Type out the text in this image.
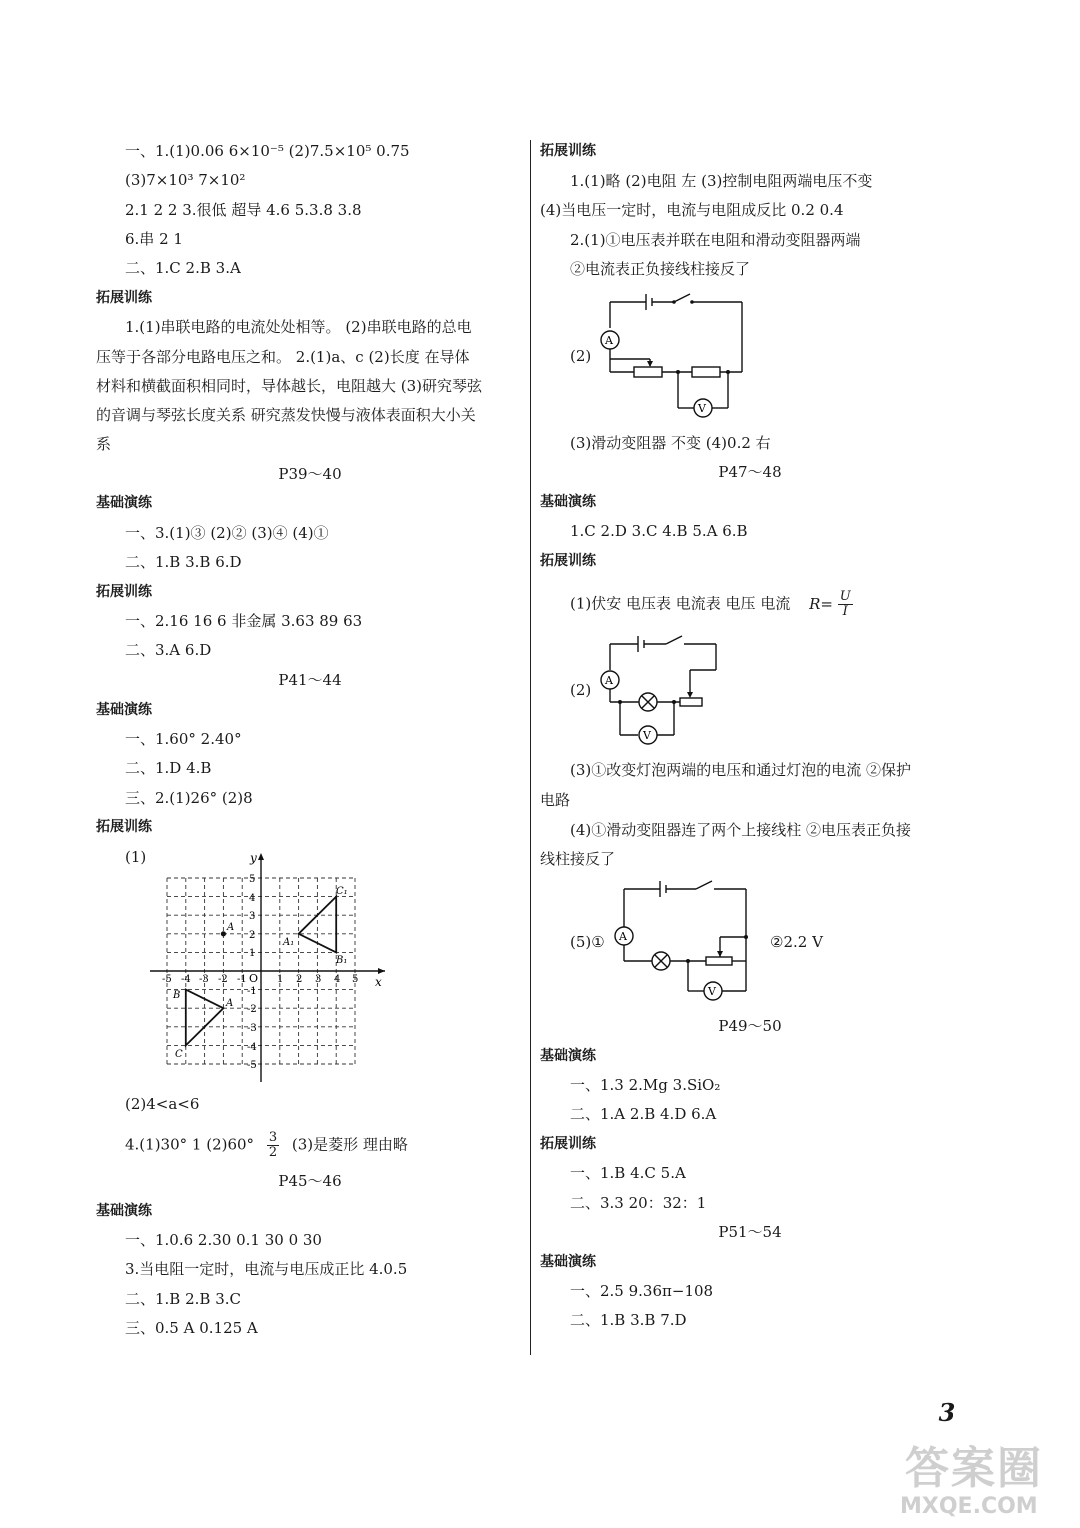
一、1.(1)0.06 6×10⁻⁵ (2)7.5×10⁵ 0.75
(3)7×10³ 7×10²
2.1 2 2 3.很低 超导 4.6 5.3.8 3.8
6.串 2 1
二、1.C 2.B 3.A
拓展训练
1.(1)串联电路的电流处处相等。 (2)串联电路的总电
压等于各部分电路电压之和。 2.(1)a、c (2)长度 在导体
材料和横截面积相同时，导体越长，电阻越大 (3)研究琴弦
的音调与琴弦长度关系 研究蒸发快慢与液体表面积大小关
系
P39～40
基础演练
一、3.(1)③ (2)② (3)④ (4)①
二、1.B 3.B 6.D
拓展训练
一、2.16 16 6 非金属 3.63 89 63
二、3.A 6.D
P41～44
基础演练
一、1.60° 2.40°
二、1.D 4.B
三、2.(1)26° (2)8
拓展训练
(1)	y
x
O
-5 -4 -3 -2 -1	1 2 3 4 5
5
4
3
2
1
-1
-2
-3
-4
-5
A
A₁
B₁
C₁
A
B
C
(2)4<a<6
4.(1)30° 1 $(2)60^\circ \frac{3}{2} (3)$是菱形 理由略
P45～46
基础演练
一、1.0.6 2.30 0.1 30 0 30
3.当电阻一定时，电流与电压成正比 4.0.5
二、1.B 2.B 3.C
三、0.5 A 0.125 A
拓展训练
1.(1)略 (2)电阻 左 (3)控制电阻两端电压不变
(4)当电压一定时，电流与电阻成反比 0.2 0.4
2.(1)①电压表并联在电阻和滑动变阻器两端
②电流表正负接线柱接反了
(2)
A
V
(3)滑动变阻器 不变 (4)0.2 右
P47～48
基础演练
1.C 2.D 3.C 4.B 5.A 6.B
拓展训练
(1)伏安 电压表 电流表 电压 电流 $R= \frac{U}{I}$
(2)
A
V
(3)①改变灯泡两端的电压和通过灯泡的电流 ②保护
电路
(4)①滑动变阻器连了两个上接线柱 ②电压表正负接
线柱接反了
(5)① A
V
②2.2 V
P49～50
基础演练
一、1.3 2.Mg 3.SiO₂
二、1.A 2.B 4.D 6.A
拓展训练
一、1.B 4.C 5.A
二、3.3 20：32：1
P51～54
基础演练
一、2.5 9.36π−108
二、1.B 3.B 7.D
3
答案圈
MXQE.COM
